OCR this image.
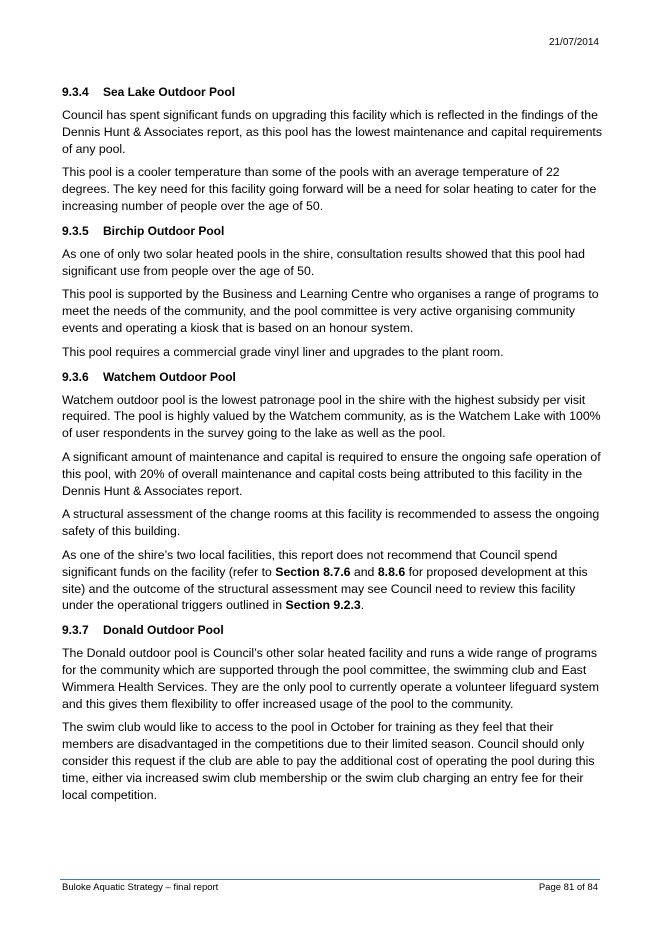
21/07/2014
9.3.4 Sea Lake Outdoor Pool

Council has spent significant funds on upgrading this facility which is reflected in the findings of the Dennis Hunt & Associates report, as this pool has the lowest maintenance and capital requirements of any pool.

This pool is a cooler temperature than some of the pools with an average temperature of 22 degrees. The key need for this facility going forward will be a need for solar heating to cater for the increasing number of people over the age of 50.

9.3.5 Birchip Outdoor Pool

As one of only two solar heated pools in the shire, consultation results showed that this pool had significant use from people over the age of 50.

This pool is supported by the Business and Learning Centre who organises a range of programs to meet the needs of the community, and the pool committee is very active organising community events and operating a kiosk that is based on an honour system.

This pool requires a commercial grade vinyl liner and upgrades to the plant room.

9.3.6 Watchem Outdoor Pool

Watchem outdoor pool is the lowest patronage pool in the shire with the highest subsidy per visit required. The pool is highly valued by the Watchem community, as is the Watchem Lake with 100% of user respondents in the survey going to the lake as well as the pool.

A significant amount of maintenance and capital is required to ensure the ongoing safe operation of this pool, with 20% of overall maintenance and capital costs being attributed to this facility in the Dennis Hunt & Associates report.

A structural assessment of the change rooms at this facility is recommended to assess the ongoing safety of this building.

As one of the shire’s two local facilities, this report does not recommend that Council spend significant funds on the facility (refer to Section 8.7.6 and 8.8.6 for proposed development at this site) and the outcome of the structural assessment may see Council need to review this facility under the operational triggers outlined in Section 9.2.3.

9.3.7 Donald Outdoor Pool

The Donald outdoor pool is Council’s other solar heated facility and runs a wide range of programs for the community which are supported through the pool committee, the swimming club and East Wimmera Health Services. They are the only pool to currently operate a volunteer lifeguard system and this gives them flexibility to offer increased usage of the pool to the community.

The swim club would like to access to the pool in October for training as they feel that their members are disadvantaged in the competitions due to their limited season. Council should only consider this request if the club are able to pay the additional cost of operating the pool during this time, either via increased swim club membership or the swim club charging an entry fee for their local competition.

Buloke Aquatic Strategy – final report	Page 81 of 84
